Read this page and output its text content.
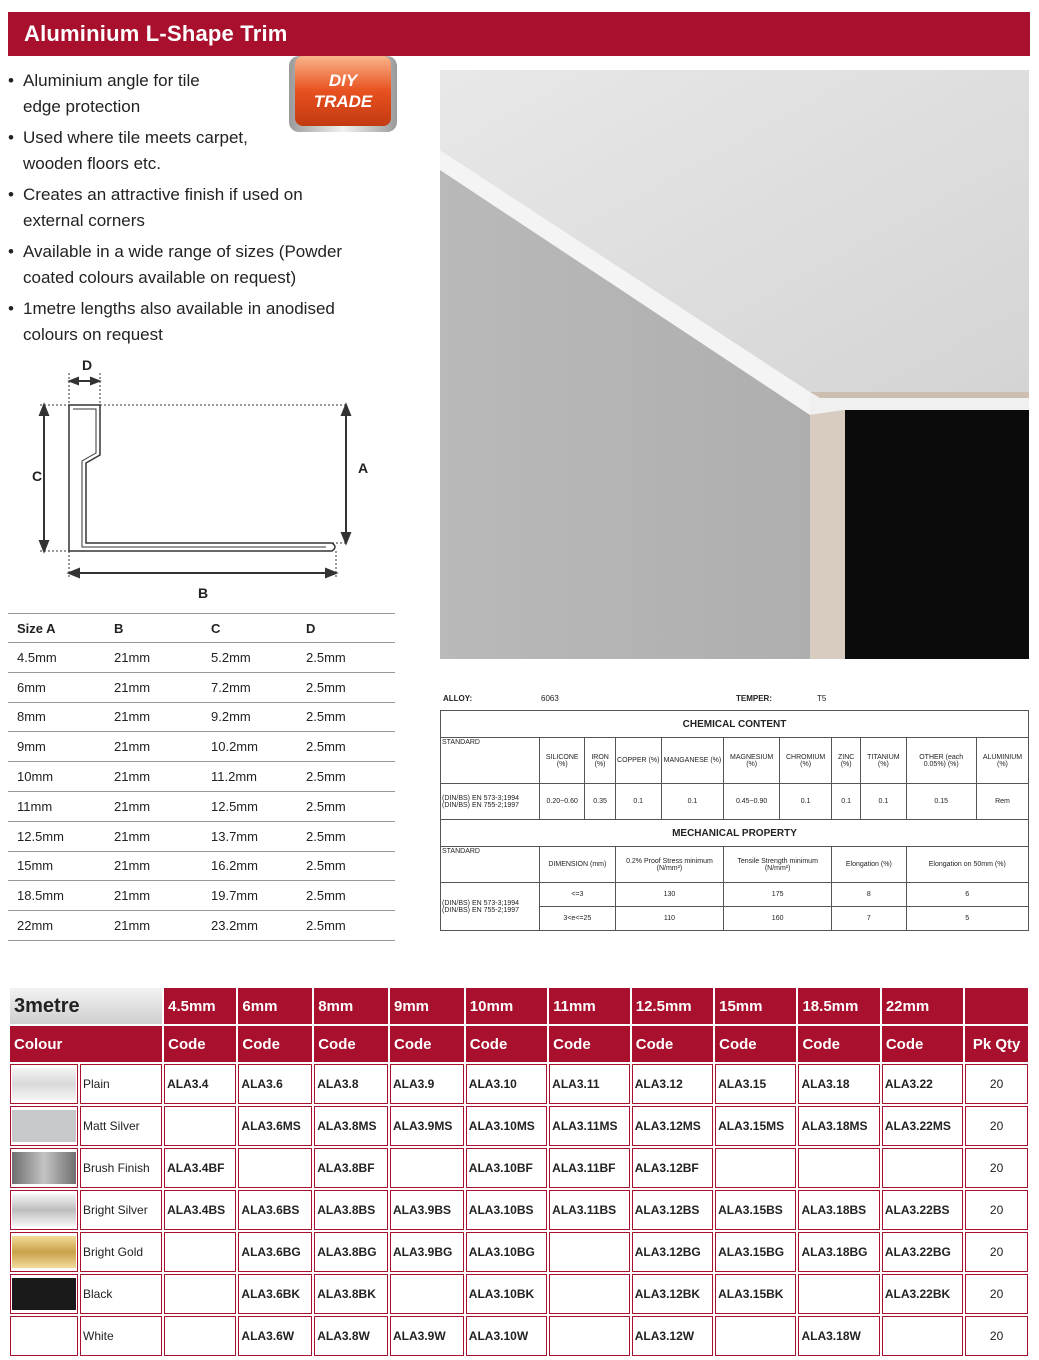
Aluminium L-Shape Trim
DIY
TRADE
• Aluminium angle for tile edge protection
• Used where tile meets carpet, wooden floors etc.
• Creates an attractive finish if used on external corners
• Available in a wide range of sizes (Powder coated colours available on request)
• 1metre lengths also available in anodised colours on request
C	A
B
D
Size A	B	C	D
4.5mm	21mm	5.2mm	2.5mm
6mm	21mm	7.2mm	2.5mm
8mm	21mm	9.2mm	2.5mm
9mm	21mm	10.2mm	2.5mm
10mm	21mm	11.2mm	2.5mm
11mm	21mm	12.5mm	2.5mm
12.5mm	21mm	13.7mm	2.5mm
15mm	21mm	16.2mm	2.5mm
18.5mm	21mm	19.7mm	2.5mm
22mm	21mm	23.2mm	2.5mm
ALLOY:	6063	TEMPER:	T5
CHEMICAL CONTENT										
STANDARD	SILICONE (%)	IRON (%)	COPPER (%)	MANGANESE (%)	MAGNESIUM (%)	CHROMIUM (%)	ZINC (%)	TITANIUM (%)	OTHER (each 0.05%) (%)	ALUMINIUM (%)
(DIN/BS) EN 573-3;1994
(DIN/BS) EN 755-2;1997	0.20~0.60	0.35	0.1	0.1	0.45~0.90	0.1	0.1	0.1	0.15	Rem
MECHANICAL PROPERTY										
STANDARD	DIMENSION (mm)		0.2% Proof Stress minimum (N/mm²)		Tensile Strength minimum (N/mm²)		Elongation (%)		Elongation on 50mm (%)	
(DIN/BS) EN 573-3;1994
(DIN/BS) EN 755-2;1997	<=3		130		175		8		6	
	3<e<=25		110		160		7		5	
3metre		4.5mm	6mm	8mm	9mm	10mm	11mm	12.5mm	15mm	18.5mm	22mm	
Colour		Code	Code	Code	Code	Code	Code	Code	Code	Code	Code	Pk Qty

	Plain	ALA3.4	ALA3.6	ALA3.8	ALA3.9	ALA3.10	ALA3.11	ALA3.12	ALA3.15	ALA3.18	ALA3.22	20

	Matt Silver		ALA3.6MS	ALA3.8MS	ALA3.9MS	ALA3.10MS	ALA3.11MS	ALA3.12MS	ALA3.15MS	ALA3.18MS	ALA3.22MS	20

	Brush Finish	ALA3.4BF		ALA3.8BF		ALA3.10BF	ALA3.11BF	ALA3.12BF				20

	Bright Silver	ALA3.4BS	ALA3.6BS	ALA3.8BS	ALA3.9BS	ALA3.10BS	ALA3.11BS	ALA3.12BS	ALA3.15BS	ALA3.18BS	ALA3.22BS	20

	Bright Gold		ALA3.6BG	ALA3.8BG	ALA3.9BG	ALA3.10BG		ALA3.12BG	ALA3.15BG	ALA3.18BG	ALA3.22BG	20

	Black		ALA3.6BK	ALA3.8BK		ALA3.10BK		ALA3.12BK	ALA3.15BK		ALA3.22BK	20

	White		ALA3.6W	ALA3.8W	ALA3.9W	ALA3.10W		ALA3.12W		ALA3.18W		20
